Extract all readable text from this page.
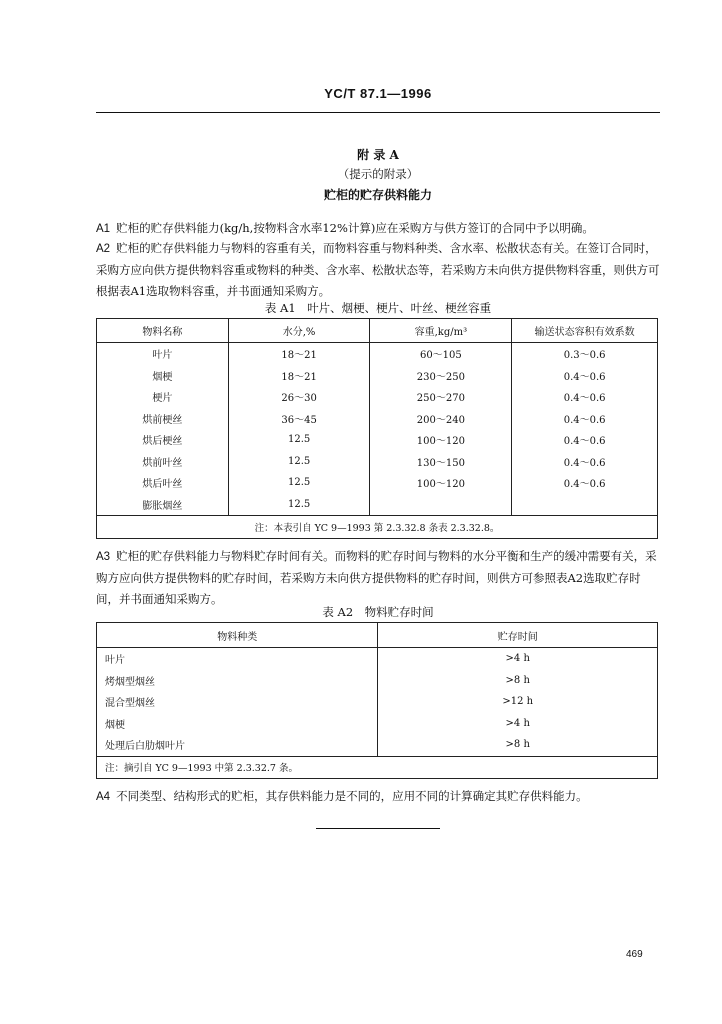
YC/T 87.1—1996
附 录 A
（提示的附录）
贮柜的贮存供料能力
A1 贮柜的贮存供料能力(kg/h,按物料含水率12%计算)应在采购方与供方签订的合同中予以明确。
A2 贮柜的贮存供料能力与物料的容重有关，而物料容重与物料种类、含水率、松散状态有关。在签订合同时，采购方应向供方提供物料容重或物料的种类、含水率、松散状态等，若采购方未向供方提供物料容重，则供方可根据表A1选取物料容重，并书面通知采购方。
表 A1　叶片、烟梗、梗片、叶丝、梗丝容重
物料名称	水分,%	容重,kg/m³	输送状态容积有效系数
叶片	18～21	60～105	0.3～0.6
烟梗	18～21	230～250	0.4～0.6
梗片	26～30	250～270	0.4～0.6
烘前梗丝	36～45	200～240	0.4～0.6
烘后梗丝	12.5	100～120	0.4～0.6
烘前叶丝	12.5	130～150	0.4～0.6
烘后叶丝	12.5	100～120	0.4～0.6
膨胀烟丝	12.5		
注：本表引自 YC 9—1993 第 2.3.32.8 条表 2.3.32.8。			
A3 贮柜的贮存供料能力与物料贮存时间有关。而物料的贮存时间与物料的水分平衡和生产的缓冲需要有关，采购方应向供方提供物料的贮存时间，若采购方未向供方提供物料的贮存时间，则供方可参照表A2选取贮存时间，并书面通知采购方。
表 A2　物料贮存时间
物料种类	贮存时间
叶片	>4 h
烤烟型烟丝	>8 h
混合型烟丝	>12 h
烟梗	>4 h
处理后白肋烟叶片	>8 h
注：摘引自 YC 9—1993 中第 2.3.32.7 条。	
A4 不同类型、结构形式的贮柜，其存供料能力是不同的，应用不同的计算确定其贮存供料能力。
469
